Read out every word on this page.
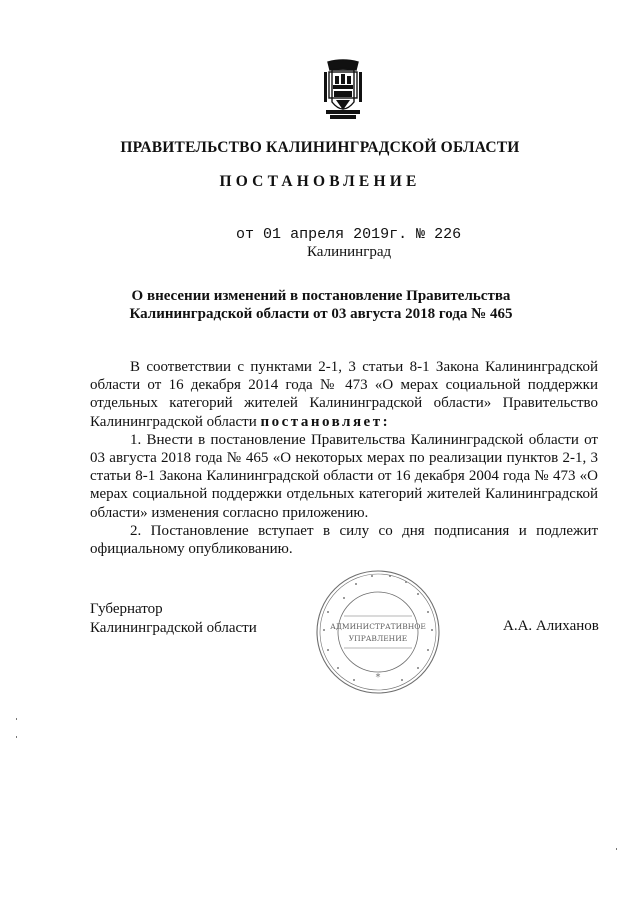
ПРАВИТЕЛЬСТВО КАЛИНИНГРАДСКОЙ ОБЛАСТИ
ПОСТАНОВЛЕНИЕ
от 01 апреля 2019г. № 226
Калининград
О внесении изменений в постановление Правительства
Калининградской области от 03 августа 2018 года № 465

В соответствии с пунктами 2-1, 3 статьи 8-1 Закона Калининградской области от 16 декабря 2014 года № 473 «О мерах социальной поддержки отдельных категорий жителей Калининградской области» Правительство Калининградской области постановляет:

1. Внести в постановление Правительства Калининградской области от 03 августа 2018 года № 465 «О некоторых мерах по реализации пунктов 2-1, 3 статьи 8-1 Закона Калининградской области от 16 декабря 2004 года № 473 «О мерах социальной поддержки отдельных категорий жителей Калининградской области» изменения согласно приложению.

2. Постановление вступает в силу со дня подписания и подлежит официальному опубликованию.

Губернатор
Калининградской области	А.А. Алиханов
*
АДМИНИСТРАТИВНОЕ
УПРАВЛЕНИЕ
